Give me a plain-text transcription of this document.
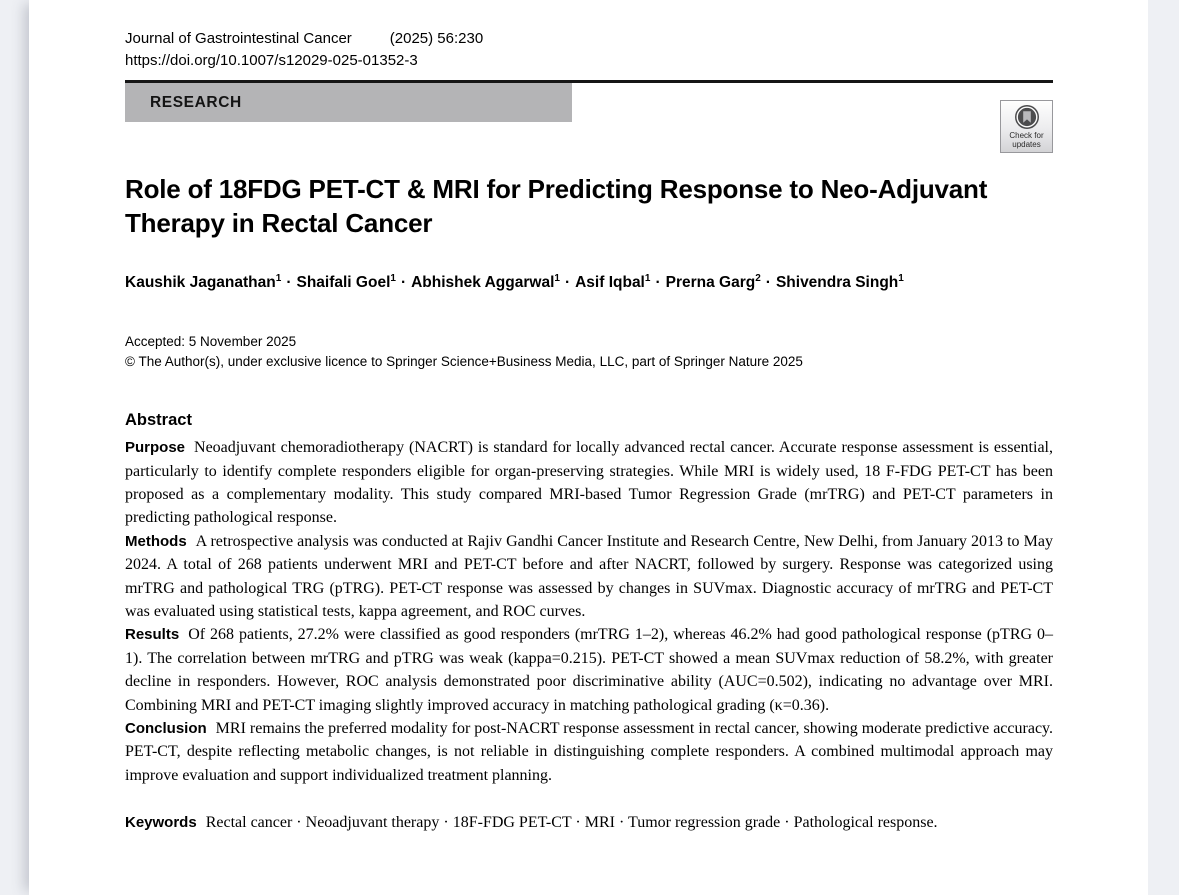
Journal of Gastrointestinal Cancer	(2025) 56:230
https://doi.org/10.1007/s12029-025-01352-3
RESEARCH
Check for
updates
Role of 18FDG PET-CT & MRI for Predicting Response to Neo-Adjuvant Therapy in Rectal Cancer
Kaushik Jaganathan$^1$ · Shaifali Goel$^1$ · Abhishek Aggarwal$^1$ · Asif Iqbal$^1$ · Prerna Garg$^2$ · Shivendra Singh$^1$
Accepted: 5 November 2025
© The Author(s), under exclusive licence to Springer Science+Business Media, LLC, part of Springer Nature 2025
Abstract

Purpose Neoadjuvant chemoradiotherapy (NACRT) is standard for locally advanced rectal cancer. Accurate response assessment is essential, particularly to identify complete responders eligible for organ-preserving strategies. While MRI is widely used, 18 F-FDG PET-CT has been proposed as a complementary modality. This study compared MRI-based Tumor Regression Grade (mrTRG) and PET-CT parameters in predicting pathological response.

Methods A retrospective analysis was conducted at Rajiv Gandhi Cancer Institute and Research Centre, New Delhi, from January 2013 to May 2024. A total of 268 patients underwent MRI and PET-CT before and after NACRT, followed by surgery. Response was categorized using mrTRG and pathological TRG (pTRG). PET-CT response was assessed by changes in SUVmax. Diagnostic accuracy of mrTRG and PET-CT was evaluated using statistical tests, kappa agreement, and ROC curves.

Results Of 268 patients, 27.2% were classified as good responders (mrTRG 1–2), whereas 46.2% had good pathological response (pTRG 0–1). The correlation between mrTRG and pTRG was weak (kappa=0.215). PET-CT showed a mean SUVmax reduction of 58.2%, with greater decline in responders. However, ROC analysis demonstrated poor discriminative ability (AUC=0.502), indicating no advantage over MRI. Combining MRI and PET-CT imaging slightly improved accuracy in matching pathological grading (κ=0.36).

Conclusion MRI remains the preferred modality for post-NACRT response assessment in rectal cancer, showing moderate predictive accuracy. PET-CT, despite reflecting metabolic changes, is not reliable in distinguishing complete responders. A combined multimodal approach may improve evaluation and support individualized treatment planning.

Keywords Rectal cancer · Neoadjuvant therapy · 18F-FDG PET-CT · MRI · Tumor regression grade · Pathological response.
